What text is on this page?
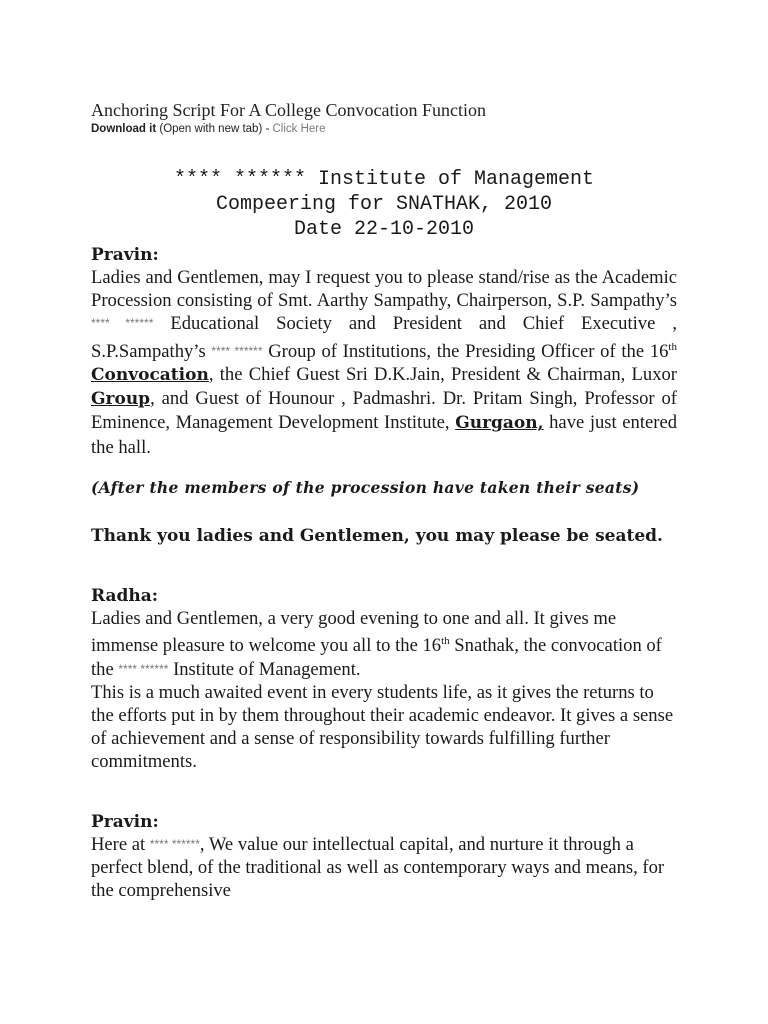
Anchoring Script For A College Convocation Function
Download it (Open with new tab) - Click Here
**** ****** Institute of Management
Compeering for SNATHAK, 2010
Date 22-10-2010
Pravin:
Ladies and Gentlemen, may I request you to please stand/rise as the Academic Procession consisting of Smt. Aarthy Sampathy, Chairperson, S.P. Sampathy’s **** ****** Educational Society and President and Chief Executive , S.P.Sampathy’s **** ****** Group of Institutions, the Presiding Officer of the 16th Convocation, the Chief Guest Sri D.K.Jain, President & Chairman, Luxor Group, and Guest of Hounour , Padmashri. Dr. Pritam Singh, Professor of Eminence, Management Development Institute, Gurgaon, have just entered the hall.
(After the members of the procession have taken their seats)
Thank you ladies and Gentlemen, you may please be seated.
Radha:
Ladies and Gentlemen, a very good evening to one and all. It gives me immense pleasure to welcome you all to the 16th Snathak, the convocation of the **** ****** Institute of Management.
This is a much awaited event in every students life, as it gives the returns to the efforts put in by them throughout their academic endeavor. It gives a sense of achievement and a sense of responsibility towards fulfilling further commitments.
Pravin:
Here at **** ******, We value our intellectual capital, and nurture it through a perfect blend, of the traditional as well as contemporary ways and means, for the comprehensive
